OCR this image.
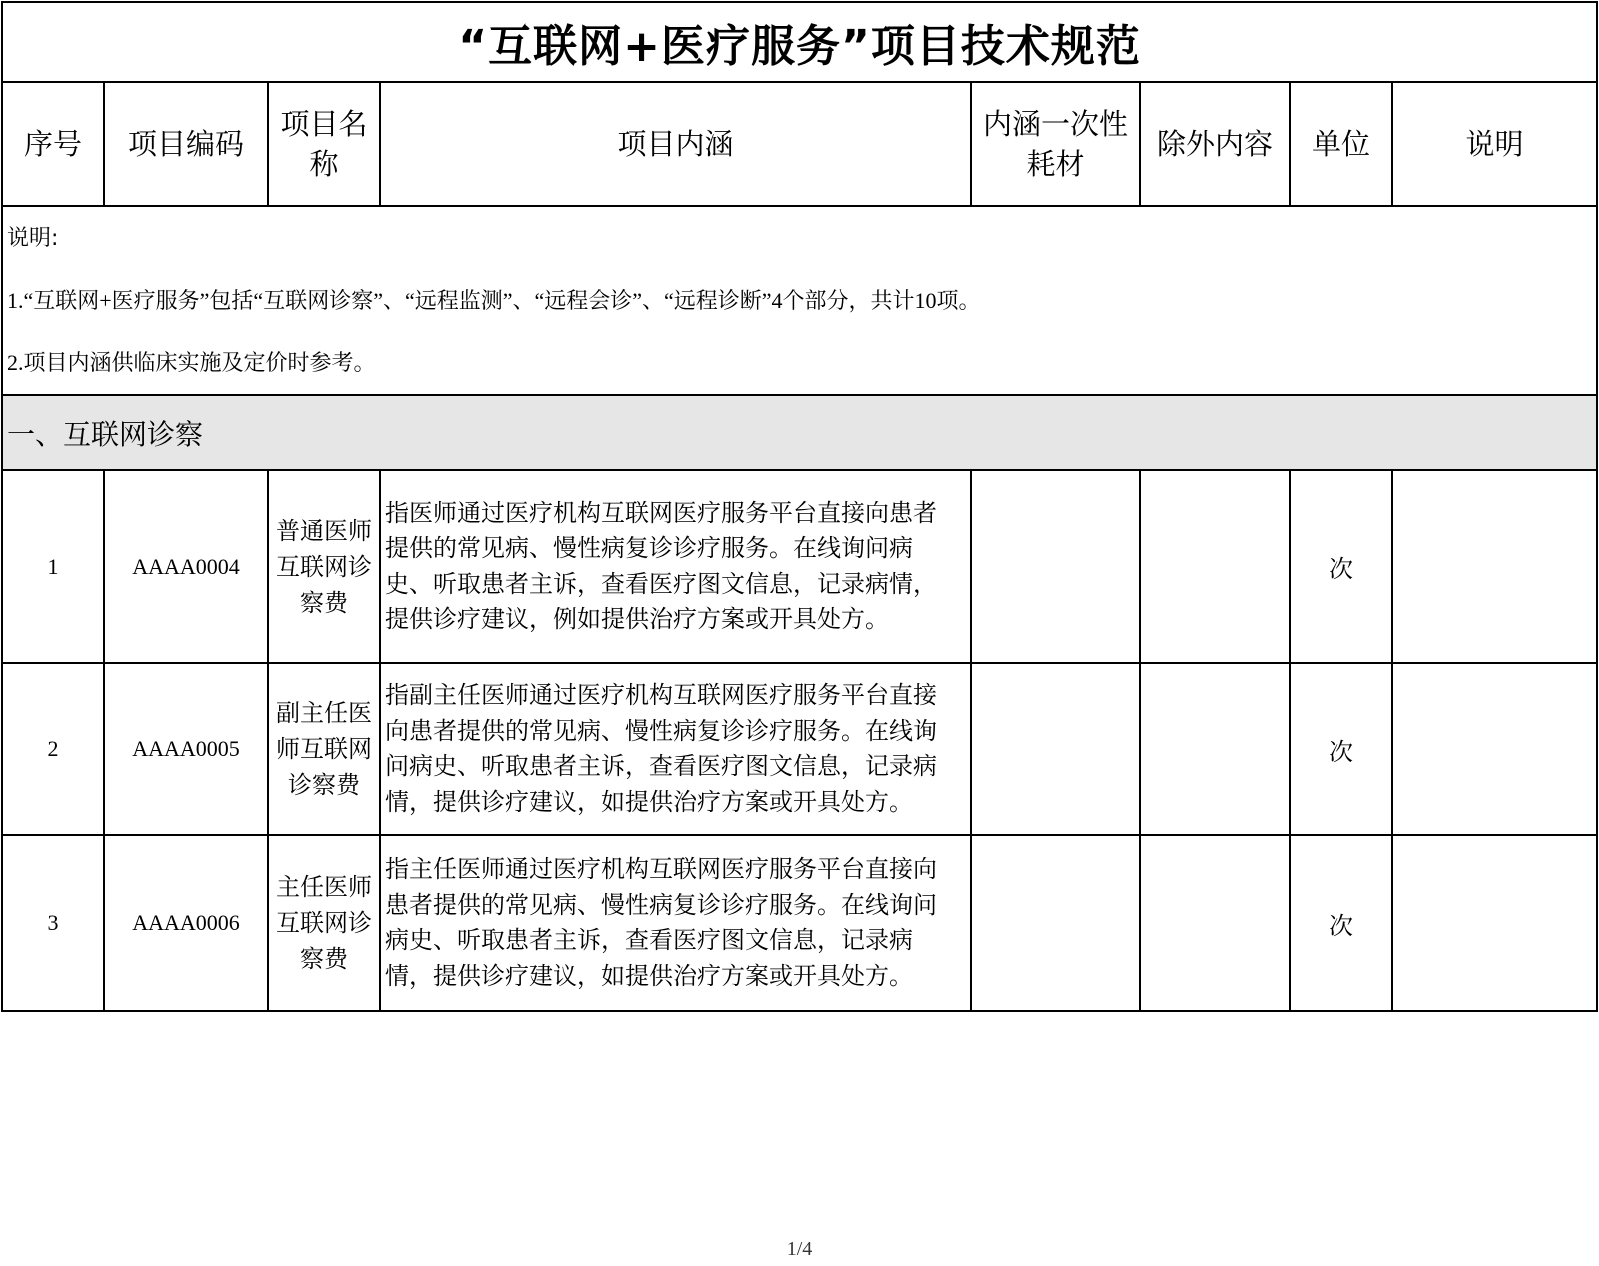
“互联网+医疗服务”项目技术规范							
序号	项目编码	项目名称	项目内涵	内涵一次性耗材	除外内容	单位	说明

说明:
1.“互联网+医疗服务”包括“互联网诊察”、“远程监测”、“远程会诊”、“远程诊断”4个部分，共计10项。
2.项目内涵供临床实施及定价时参考。							

一、互联网诊察							
1	AAAA0004	普通医师互联网诊察费	指医师通过医疗机构互联网医疗服务平台直接向患者提供的常见病、慢性病复诊诊疗服务。在线询问病史、听取患者主诉，查看医疗图文信息，记录病情，提供诊疗建议，例如提供治疗方案或开具处方。			次	
2	AAAA0005	副主任医师互联网诊察费	指副主任医师通过医疗机构互联网医疗服务平台直接向患者提供的常见病、慢性病复诊诊疗服务。在线询问病史、听取患者主诉，查看医疗图文信息，记录病情，提供诊疗建议，如提供治疗方案或开具处方。			次	
3	AAAA0006	主任医师互联网诊察费	指主任医师通过医疗机构互联网医疗服务平台直接向患者提供的常见病、慢性病复诊诊疗服务。在线询问病史、听取患者主诉，查看医疗图文信息，记录病情，提供诊疗建议，如提供治疗方案或开具处方。			次	
1/4
